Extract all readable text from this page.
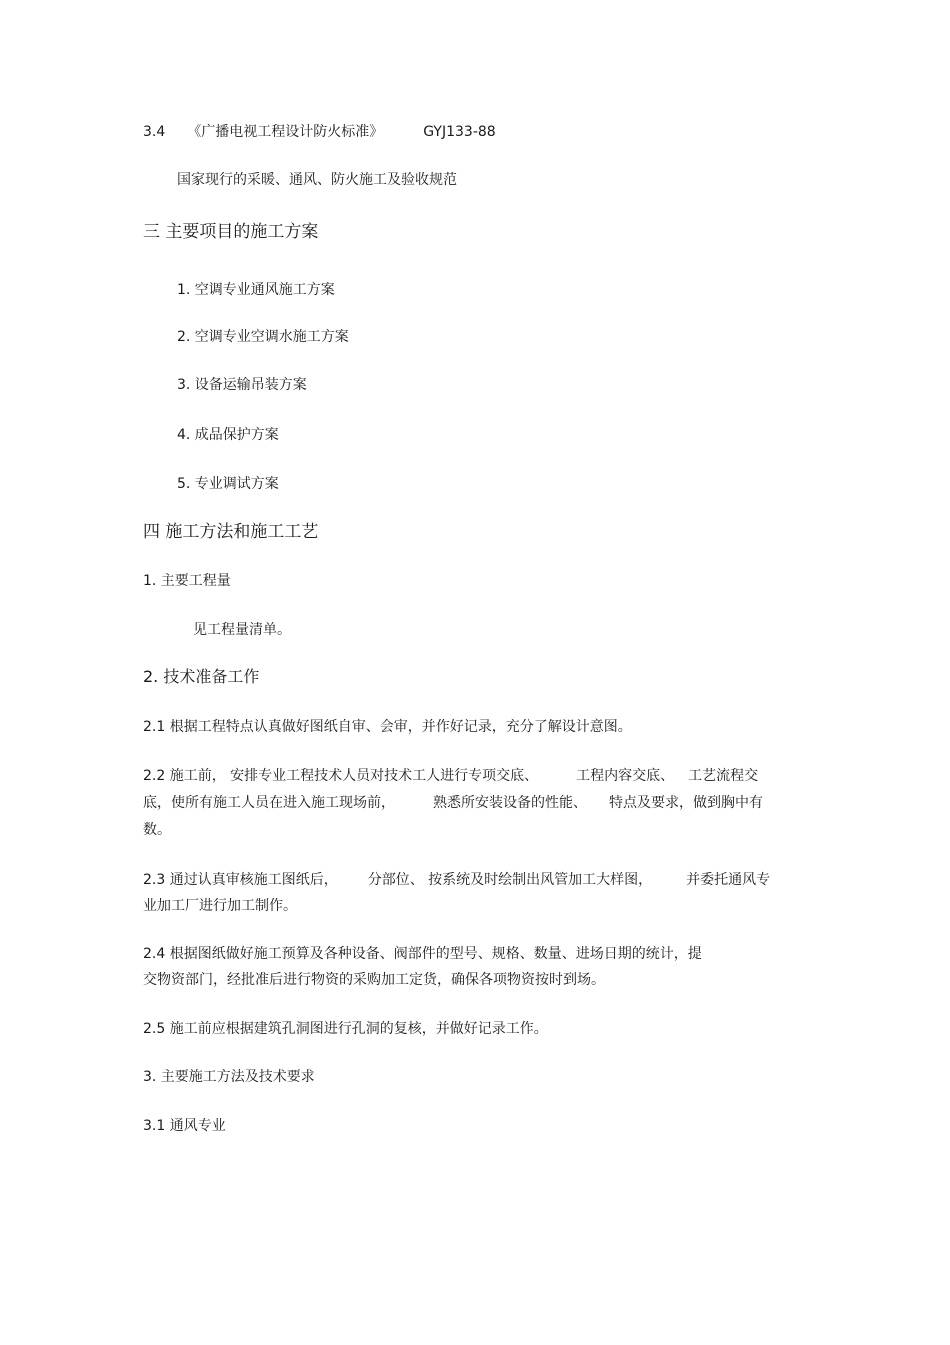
3.4 《广播电视工程设计防火标准》	GYJ133-88
国家现行的采暖、通风、防火施工及验收规范
三 主要项目的施工方案
1. 空调专业通风施工方案
2. 空调专业空调水施工方案
3. 设备运输吊装方案
4. 成品保护方案
5. 专业调试方案
四 施工方法和施工工艺
1. 主要工程量
见工程量清单。
2. 技术准备工作
2.1 根据工程特点认真做好图纸自审、会审，并作好记录，充分了解设计意图。
2.2 施工前， 安排专业工程技术人员对技术工人进行专项交底、	工程内容交底、 工艺流程交
底，使所有施工人员在进入施工现场前，	熟悉所安装设备的性能、 特点及要求，做到胸中有
数。
2.3 通过认真审核施工图纸后， 分部位、 按系统及时绘制出风管加工大样图， 并委托通风专
业加工厂进行加工制作。
2.4 根据图纸做好施工预算及各种设备、阀部件的型号、规格、数量、进场日期的统计，提
交物资部门，经批准后进行物资的采购加工定货，确保各项物资按时到场。
2.5 施工前应根据建筑孔洞图进行孔洞的复核，并做好记录工作。
3. 主要施工方法及技术要求
3.1 通风专业
